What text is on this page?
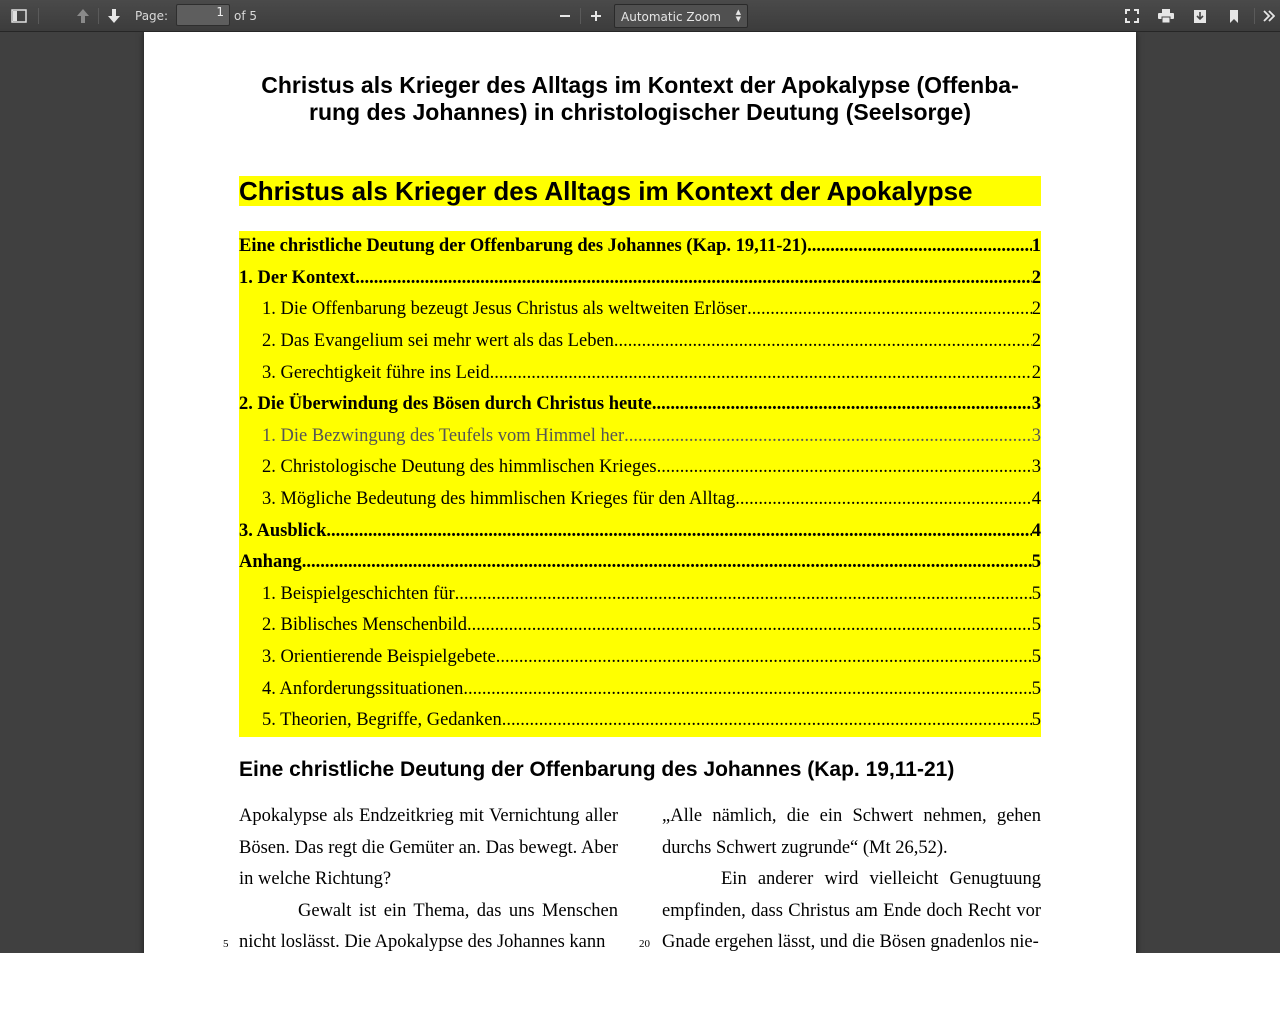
Page:	1 of 5	Automatic Zoom ▲
▼
Christus als Krieger des Alltags im Kontext der Apokalypse (Offenba-rung des Johannes) in christologischer Deutung (Seelsorge)
Christus als Krieger des Alltags im Kontext der Apokalypse
Eine christliche Deutung der Offenbarung des Johannes (Kap. 19,11-21) .....	1
1. Der Kontext .....	2
1. Die Offenbarung bezeugt Jesus Christus als weltweiten Erlöser .....	2
2. Das Evangelium sei mehr wert als das Leben .....	2
3. Gerechtigkeit führe ins Leid .....	2
2. Die Überwindung des Bösen durch Christus heute .....	3
1. Die Bezwingung des Teufels vom Himmel her .....	3
2. Christologische Deutung des himmlischen Krieges .....	3
3. Mögliche Bedeutung des himmlischen Krieges für den Alltag .....	4
3. Ausblick .....	4
Anhang .....	5
1. Beispielgeschichten für .....	5
2. Biblisches Menschenbild .....	5
3. Orientierende Beispielgebete .....	5
4. Anforderungssituationen .....	5
5. Theorien, Begriffe, Gedanken .....	5
Eine christliche Deutung der Offenbarung des Johannes (Kap. 19,11-21)

Apokalypse als Endzeitkrieg mit Vernichtung aller Bösen. Das regt die Gemüter an. Das bewegt. Aber in welche Richtung?

Gewalt ist ein Thema, das uns Menschen nicht loslässt. Die Apokalypse des Johannes kann

„Alle nämlich, die ein Schwert nehmen, gehen durchs Schwert zugrunde“ (Mt 26,52).

Ein anderer wird vielleicht Genugtuung empfinden, dass Christus am Ende doch Recht vor Gnade ergehen lässt, und die Bösen gnadenlos nie-

5	20
